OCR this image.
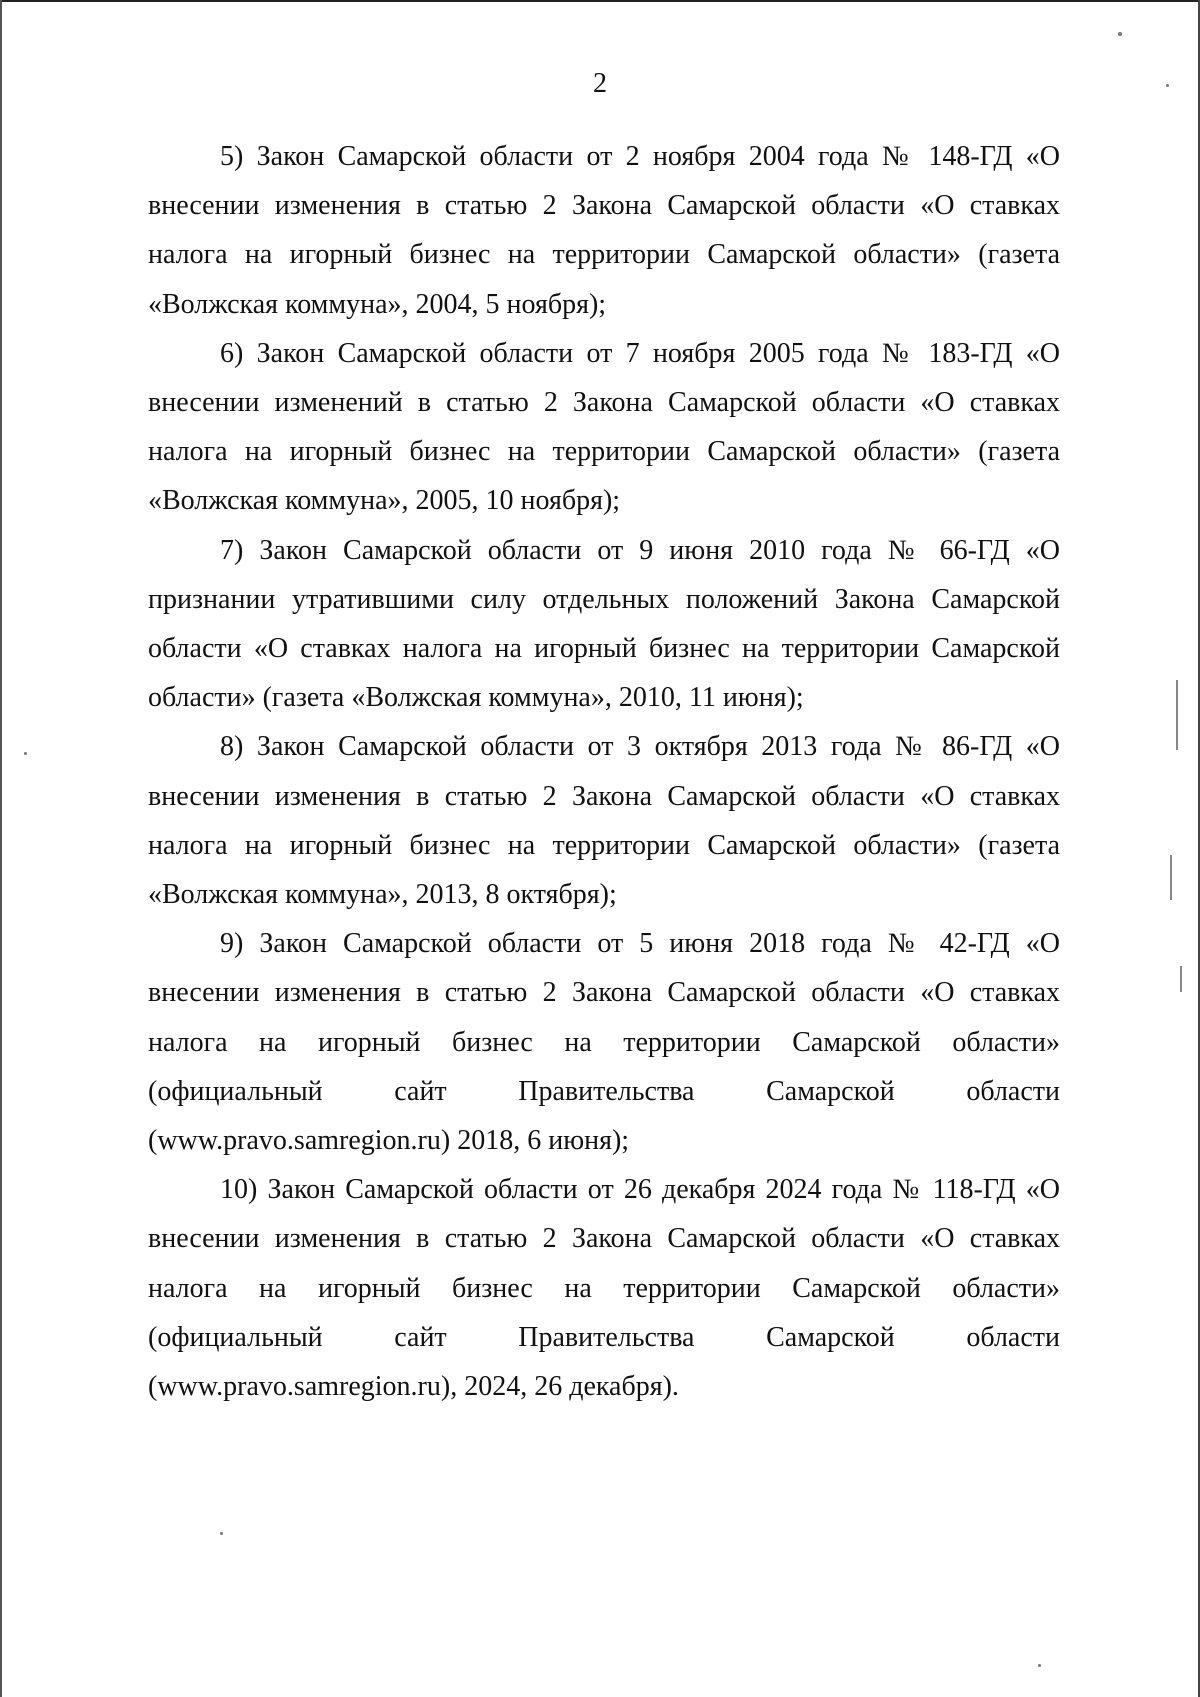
2

5) Закон Самарской области от 2 ноября 2004 года № 148-ГД «О внесении изменения в статью 2 Закона Самарской области «О ставках налога на игорный бизнес на территории Самарской области» (газета «Волжская коммуна», 2004, 5 ноября);

6) Закон Самарской области от 7 ноября 2005 года № 183-ГД «О внесении изменений в статью 2 Закона Самарской области «О ставках налога на игорный бизнес на территории Самарской области» (газета «Волжская коммуна», 2005, 10 ноября);

7) Закон Самарской области от 9 июня 2010 года № 66-ГД «О признании утратившими силу отдельных положений Закона Самарской области «О ставках налога на игорный бизнес на территории Самарской области» (газета «Волжская коммуна», 2010, 11 июня);

8) Закон Самарской области от 3 октября 2013 года № 86-ГД «О внесении изменения в статью 2 Закона Самарской области «О ставках налога на игорный бизнес на территории Самарской области» (газета «Волжская коммуна», 2013, 8 октября);

9) Закон Самарской области от 5 июня 2018 года № 42-ГД «О внесении изменения в статью 2 Закона Самарской области «О ставках налога на игорный бизнес на территории Самарской области» (официальный сайт Правительства Самарской области (www.pravo.samregion.ru) 2018, 6 июня);

10) Закон Самарской области от 26 декабря 2024 года № 118-ГД «О внесении изменения в статью 2 Закона Самарской области «О ставках налога на игорный бизнес на территории Самарской области» (официальный сайт Правительства Самарской области (www.pravo.samregion.ru), 2024, 26 декабря).
